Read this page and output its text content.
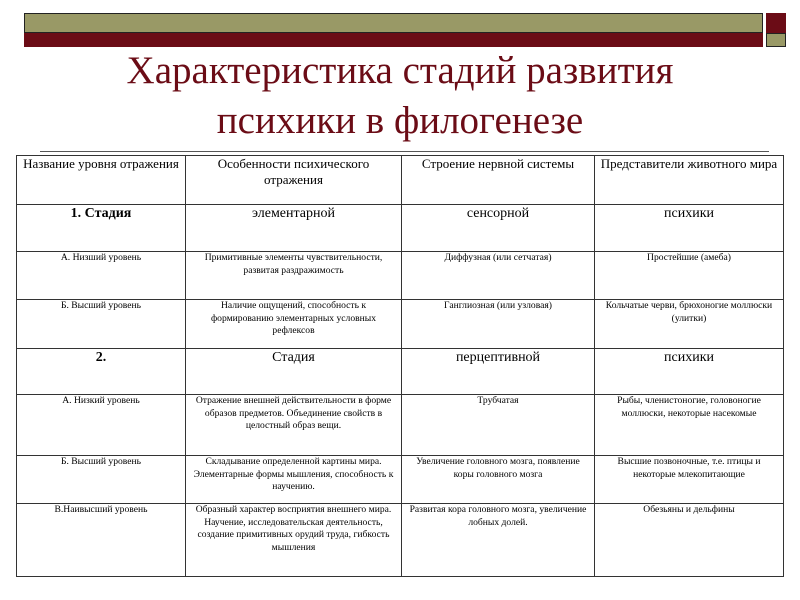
Характеристика стадий развития
психики в филогенезе
Название уровня отражения	Особенности психического отражения	Строение нервной системы	Представители животного мира
1. Стадия	элементарной	сенсорной	психики
А. Низший уровень	Примитивные элементы чувствительности, развитая раздражимость	Диффузная (или сетчатая)	Простейшие (амеба)
Б. Высший уровень	Наличие ощущений, способность к формированию элементарных условных рефлексов	Ганглиозная (или узловая)	Кольчатые черви, брюхоногие моллюски (улитки)
2.	Стадия	перцептивной	психики
А. Низкий уровень	Отражение внешней действительности в форме образов предметов. Объединение свойств в целостный образ вещи.	Трубчатая	Рыбы, членистоногие, головоногие моллюски, некоторые насекомые
Б. Высший уровень	Складывание определенной картины мира. Элементарные формы мышления, способность к научению.	Увеличение головного мозга, появление коры головного мозга	Высшие позвоночные, т.е. птицы и некоторые млекопитающие
В.Наивысший уровень	Образный характер восприятия внешнего мира. Научение, исследовательская деятельность, создание примитивных орудий труда, гибкость мышления	Развитая кора головного мозга, увеличение лобных долей.	Обезьяны и дельфины
